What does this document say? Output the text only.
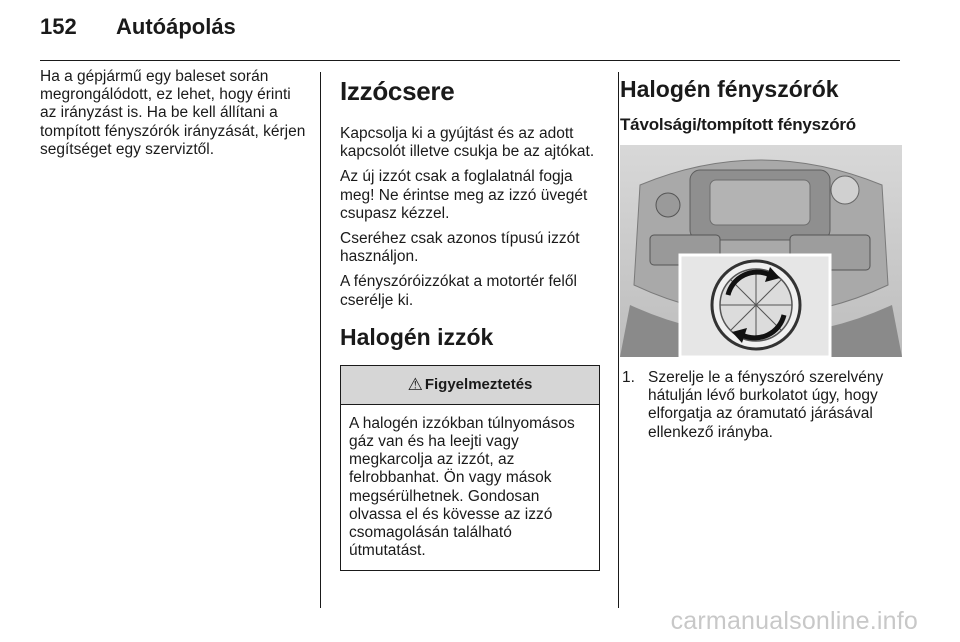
152	Autóápolás

Ha a gépjármű egy baleset során megrongálódott, ez lehet, hogy érinti az irányzást is. Ha be kell állítani a tompított fényszórók irányzását, kérjen segítséget egy szerviztől.

Izzócsere

Kapcsolja ki a gyújtást és az adott kapcsolót illetve csukja be az ajtókat.

Az új izzót csak a foglalatnál fogja meg! Ne érintse meg az izzó üvegét csupasz kézzel.

Cseréhez csak azonos típusú izzót használjon.

A fényszóróizzókat a motortér felől cserélje ki.

Halogén izzók
⚠ Figyelmeztetés

A halogén izzókban túlnyomásos gáz van és ha leejti vagy megkarcolja az izzót, az felrobbanhat. Ön vagy mások megsérülhetnek. Gondosan olvassa el és kövesse az izzó csomagolásán található útmutatást.

Halogén fényszórók
Távolsági/tompított fényszóró
1. Szerelje le a fényszóró szerelvény hátulján lévő burkolatot úgy, hogy elforgatja az óramutató járásával ellenkező irányba.
carmanualsonline.info
